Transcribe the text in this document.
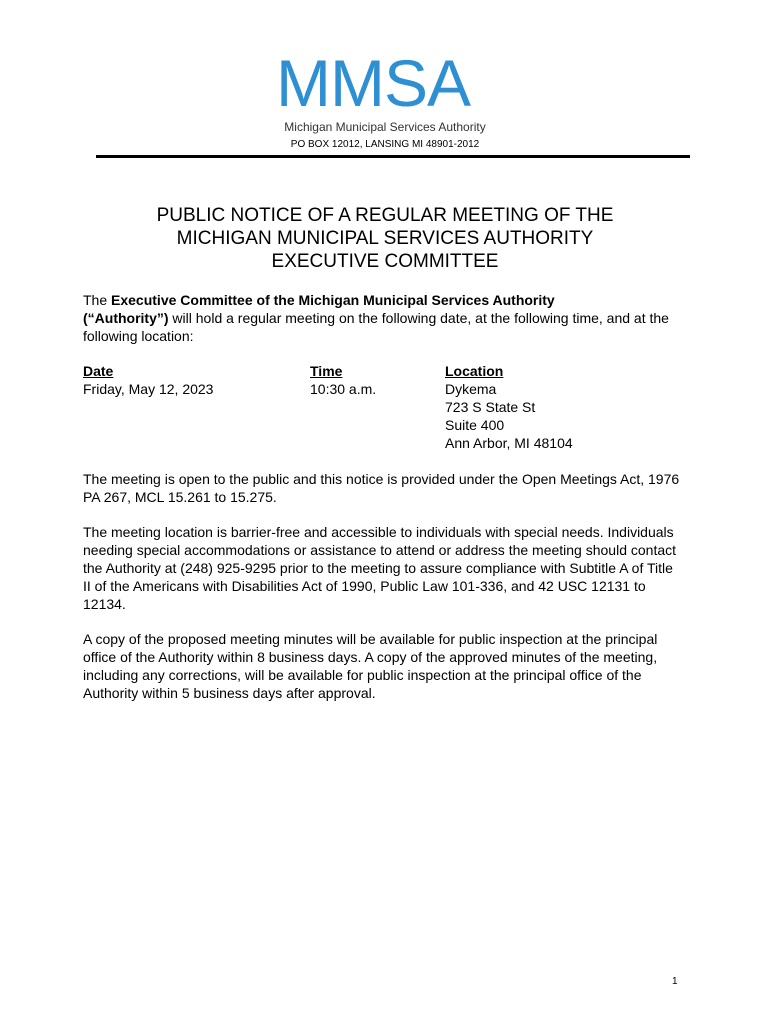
MMSA
Michigan Municipal Services Authority
PO BOX 12012, LANSING MI 48901-2012
PUBLIC NOTICE OF A REGULAR MEETING OF THE
MICHIGAN MUNICIPAL SERVICES AUTHORITY
EXECUTIVE COMMITTEE
The Executive Committee of the Michigan Municipal Services Authority
(“Authority”) will hold a regular meeting on the following date, at the following time, and at the following location:
Date
Friday, May 12, 2023
Time
10:30 a.m.
Location
Dykema
723 S State St
Suite 400
Ann Arbor, MI 48104
The meeting is open to the public and this notice is provided under the Open Meetings Act, 1976 PA 267, MCL 15.261 to 15.275.
The meeting location is barrier-free and accessible to individuals with special needs. Individuals needing special accommodations or assistance to attend or address the meeting should contact the Authority at (248) 925-9295 prior to the meeting to assure compliance with Subtitle A of Title II of the Americans with Disabilities Act of 1990, Public Law 101-336, and 42 USC 12131 to 12134.
A copy of the proposed meeting minutes will be available for public inspection at the principal office of the Authority within 8 business days. A copy of the approved minutes of the meeting, including any corrections, will be available for public inspection at the principal office of the Authority within 5 business days after approval.
1
